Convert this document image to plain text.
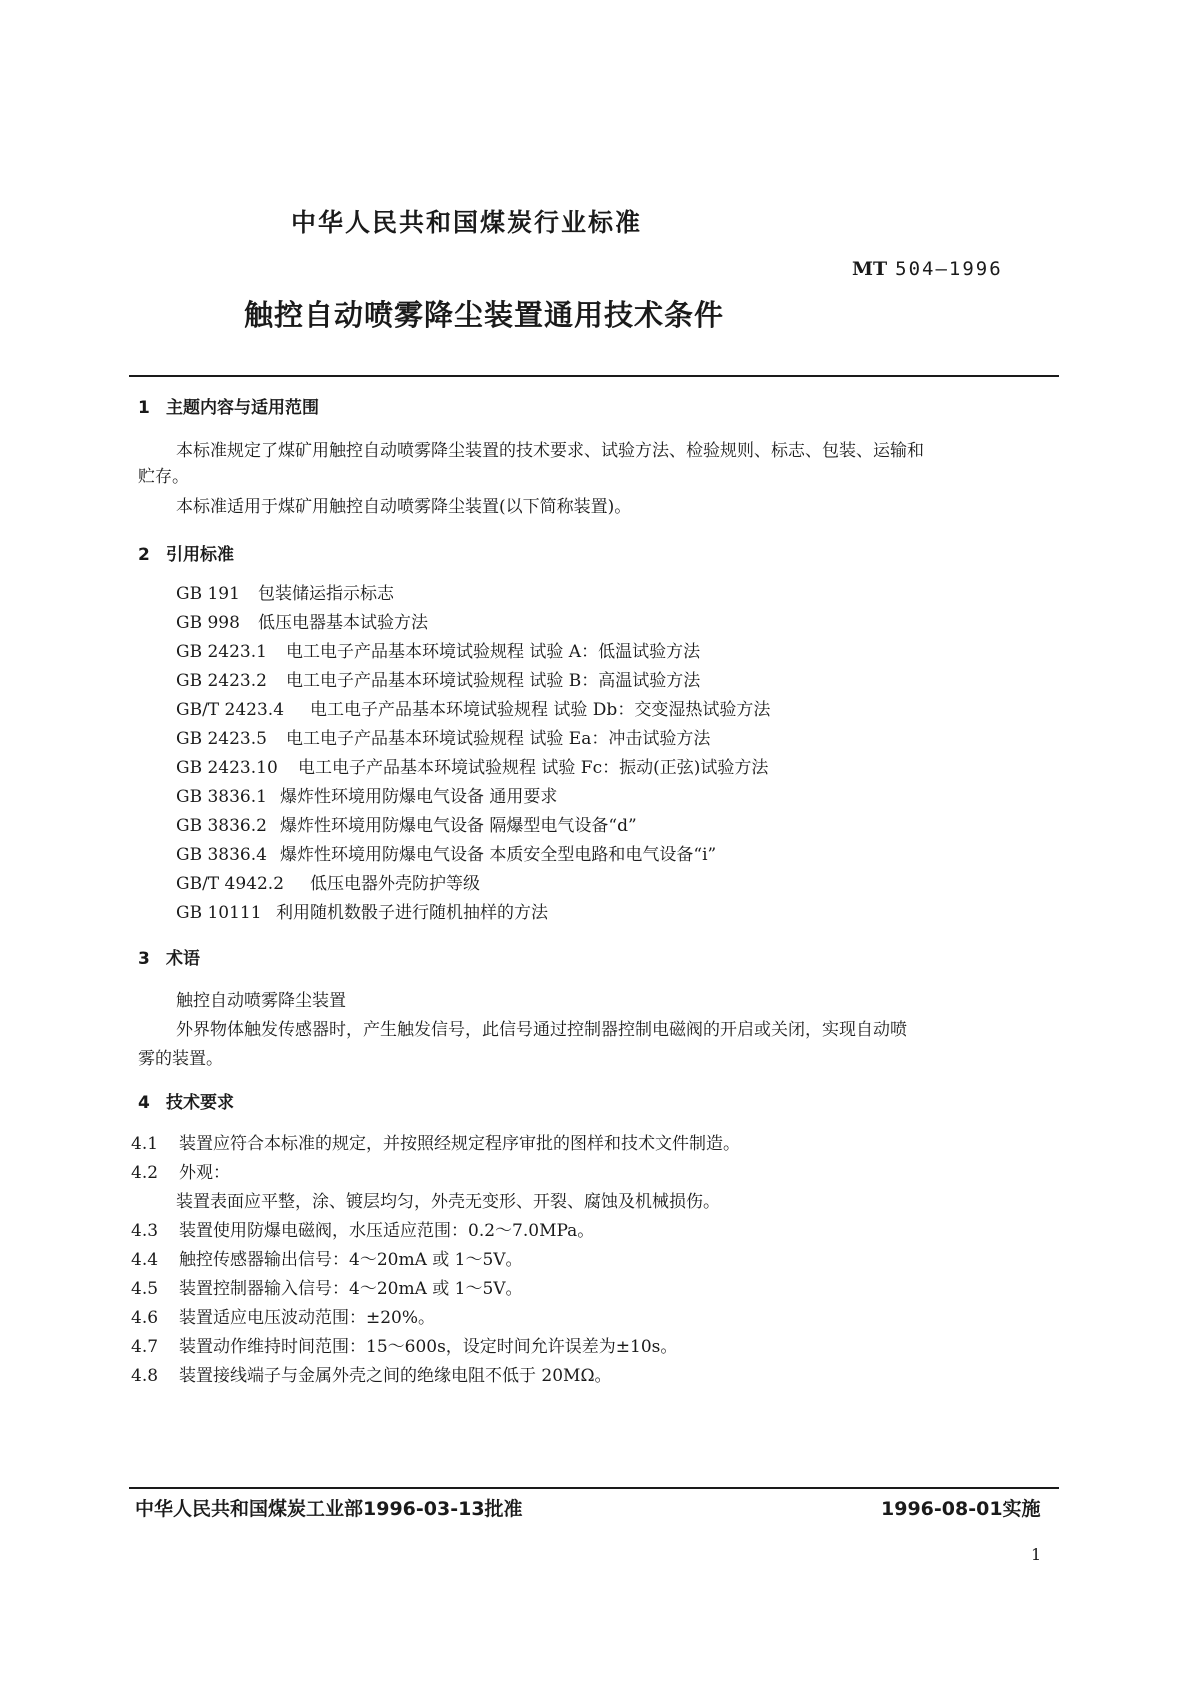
中华人民共和国煤炭行业标准
MT 504—1996
触控自动喷雾降尘装置通用技术条件
1 主题内容与适用范围
本标准规定了煤矿用触控自动喷雾降尘装置的技术要求、试验方法、检验规则、标志、包装、运输和
贮存。
本标准适用于煤矿用触控自动喷雾降尘装置(以下简称装置)。
2 引用标准
GB 191 包装储运指示标志
GB 998 低压电器基本试验方法
GB 2423.1 电工电子产品基本环境试验规程 试验 A：低温试验方法
GB 2423.2 电工电子产品基本环境试验规程 试验 B：高温试验方法
GB/T 2423.4 电工电子产品基本环境试验规程 试验 Db：交变湿热试验方法
GB 2423.5 电工电子产品基本环境试验规程 试验 Ea：冲击试验方法
GB 2423.10 电工电子产品基本环境试验规程 试验 Fc：振动(正弦)试验方法
GB 3836.1 爆炸性环境用防爆电气设备 通用要求
GB 3836.2 爆炸性环境用防爆电气设备 隔爆型电气设备“d”
GB 3836.4 爆炸性环境用防爆电气设备 本质安全型电路和电气设备“i”
GB/T 4942.2 低压电器外壳防护等级
GB 10111 利用随机数骰子进行随机抽样的方法
3 术语
触控自动喷雾降尘装置
外界物体触发传感器时，产生触发信号，此信号通过控制器控制电磁阀的开启或关闭，实现自动喷
雾的装置。
4 技术要求
4.1 装置应符合本标准的规定，并按照经规定程序审批的图样和技术文件制造。
4.2 外观：
装置表面应平整，涂、镀层均匀，外壳无变形、开裂、腐蚀及机械损伤。
4.3 装置使用防爆电磁阀，水压适应范围：0.2～7.0MPa。
4.4 触控传感器输出信号：4～20mA 或 1～5V。
4.5 装置控制器输入信号：4～20mA 或 1～5V。
4.6 装置适应电压波动范围：±20%。
4.7 装置动作维持时间范围：15～600s，设定时间允许误差为±10s。
4.8 装置接线端子与金属外壳之间的绝缘电阻不低于 20MΩ。
中华人民共和国煤炭工业部1996-03-13批准	1996-08-01实施
1
